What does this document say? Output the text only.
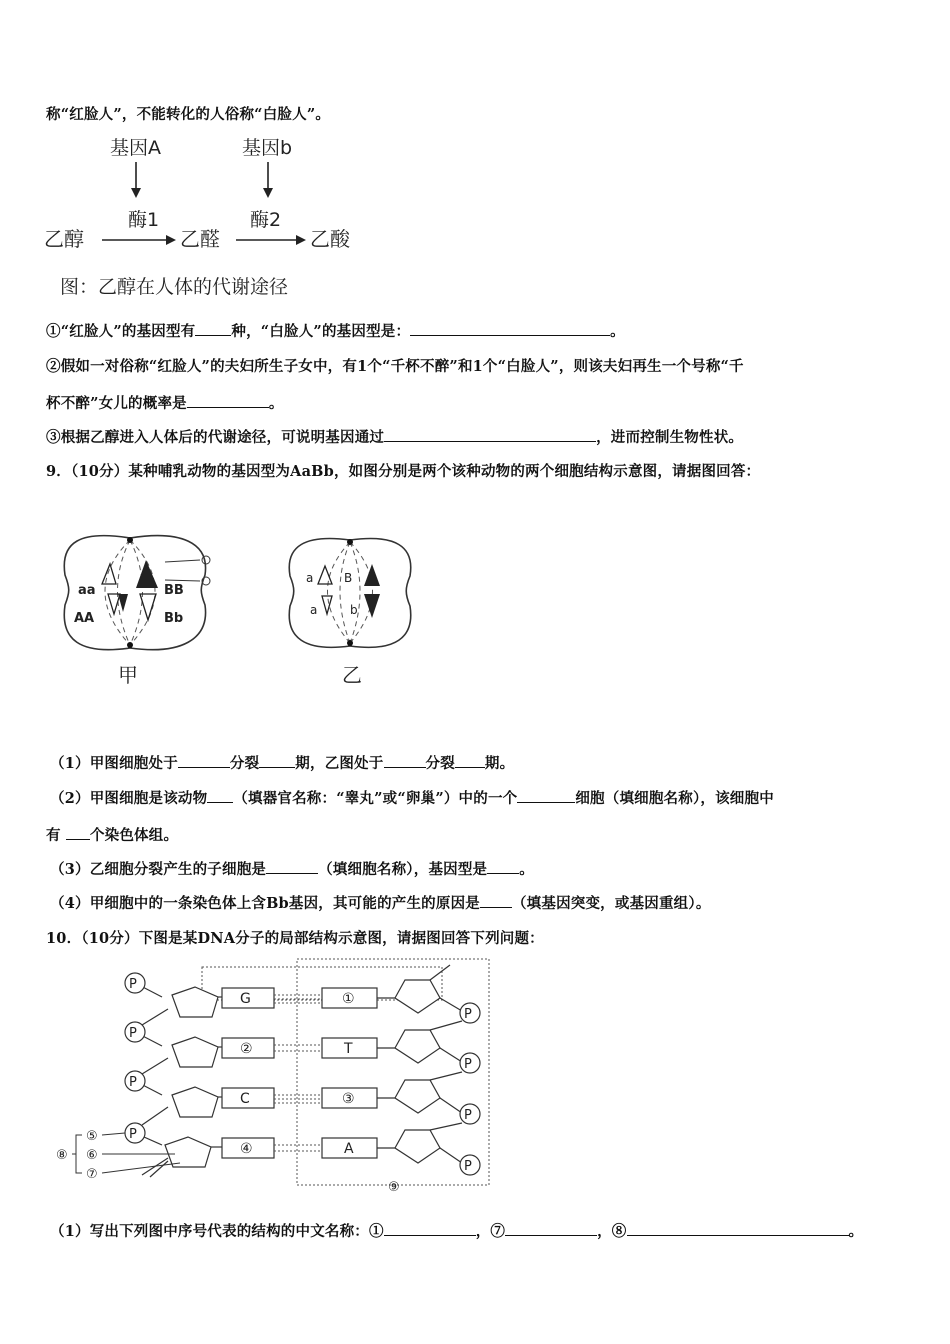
称“红脸人”，不能转化的人俗称“白脸人”。
基因A	基因b
酶1	酶2
乙醇	乙醛	乙酸
图：乙醇在人体的代谢途径
①“红脸人”的基因型有 种，“白脸人”的基因型是：	。
②假如一对俗称“红脸人”的夫妇所生子女中，有1个“千杯不醉”和1个“白脸人”，则该夫妇再生一个号称“千
杯不醉”女儿的概率是	。
③根据乙醇进入人体后的代谢途径，可说明基因通过	，进而控制生物性状。
9．（10分）某种哺乳动物的基因型为AaBb，如图分别是两个该种动物的两个细胞结构示意图，请据图回答：
aa	BB
AA	Bb
甲
a	B
a	b
乙
（1）甲图细胞处于	分裂 期，乙图处于	分裂 期。
（2）甲图细胞是该动物 （填器官名称：“睾丸”或“卵巢”）中的一个	细胞（填细胞名称），该细胞中
有 个染色体组。
（3）乙细胞分裂产生的子细胞是	（填细胞名称），基因型是 。
（4）甲细胞中的一条染色体上含Bb基因，其可能的产生的原因是 （填基因突变，或基因重组）。
10．（10分）下图是某DNA分子的局部结构示意图，请据图回答下列问题：
⑨
P
P
P
P
G
②
C
④
①
T
③
A
P
P
P
P
⑤
⑥
⑦
⑧
（1）写出下列图中序号代表的结构的中文名称：①	，⑦	，⑧	。
